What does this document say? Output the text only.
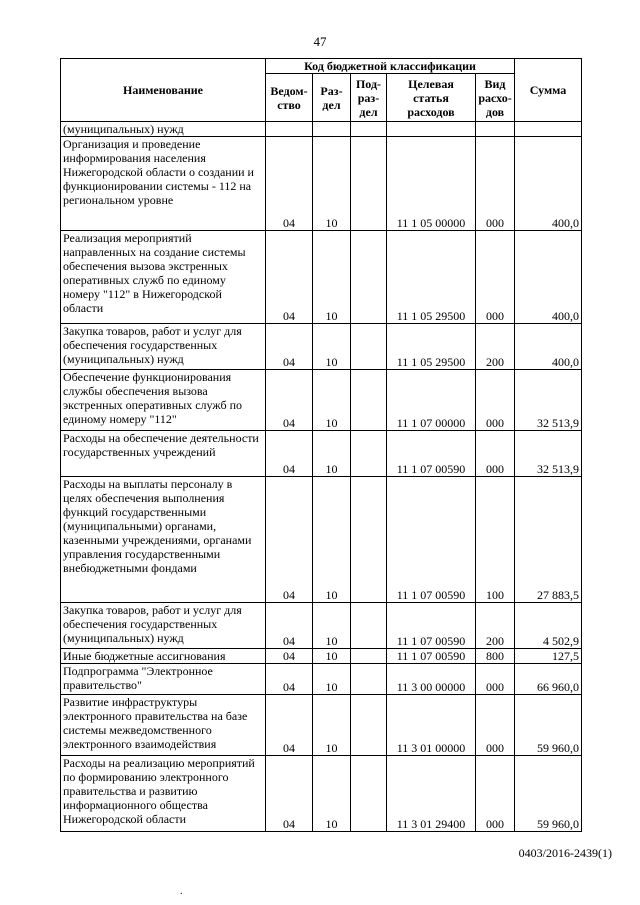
47
Наименование	Код бюджетной классификации					Сумма
	Ведом-ство	Раз-дел	Под-раз-дел	Целевая статья расходов	Вид расхо-дов	
(муниципальных) нужд						
Организация и проведение информирования населения Нижегородской области о создании и функционировании системы - 112 на региональном уровне	04	10		11 1 05 00000	000	400,0
Реализация мероприятий направленных на создание системы обеспечения вызова экстренных оперативных служб по единому номеру "112" в Нижегородской области	04	10		11 1 05 29500	000	400,0
Закупка товаров, работ и услуг для обеспечения государственных (муниципальных) нужд	04	10		11 1 05 29500	200	400,0
Обеспечение функционирования службы обеспечения вызова экстренных оперативных служб по единому номеру "112"	04	10		11 1 07 00000	000	32 513,9
Расходы на обеспечение деятельности государственных учреждений	04	10		11 1 07 00590	000	32 513,9
Расходы на выплаты персоналу в целях обеспечения выполнения функций государственными (муниципальными) органами, казенными учреждениями, органами управления государственными внебюджетными фондами	04	10		11 1 07 00590	100	27 883,5
Закупка товаров, работ и услуг для обеспечения государственных (муниципальных) нужд	04	10		11 1 07 00590	200	4 502,9
Иные бюджетные ассигнования	04	10		11 1 07 00590	800	127,5
Подпрограмма "Электронное правительство"	04	10		11 3 00 00000	000	66 960,0
Развитие инфраструктуры электронного правительства на базе системы межведомственного электронного взаимодействия	04	10		11 3 01 00000	000	59 960,0
Расходы на реализацию мероприятий по формированию электронного правительства и развитию информационного общества Нижегородской области	04	10		11 3 01 29400	000	59 960,0
0403/2016-2439(1)
.
